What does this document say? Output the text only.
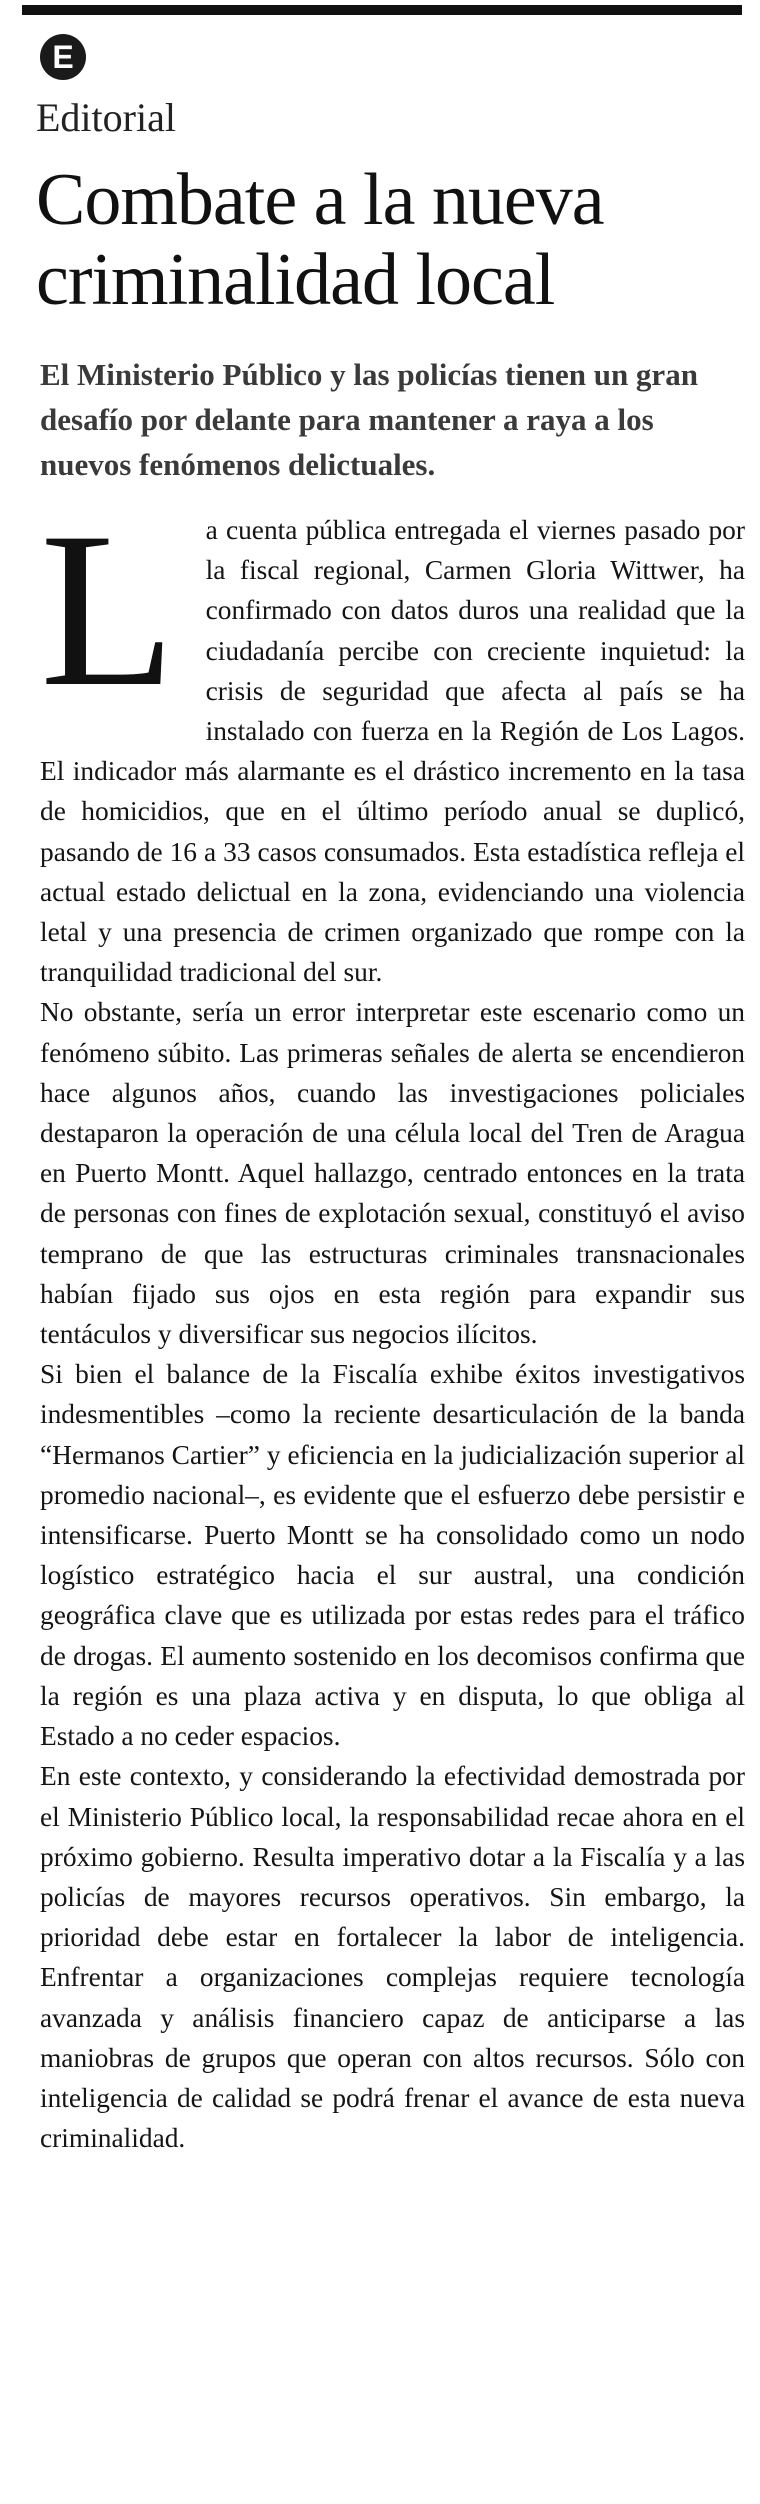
E
Editorial
Combate a la nueva criminalidad local

El Ministerio Público y las policías tienen un gran desafío por delante para mantener a raya a los nuevos fenómenos delictuales.

L a cuenta pública entregada el viernes pasado por la fiscal regional, Carmen Gloria Wittwer, ha confirmado con datos duros una realidad que la ciudadanía percibe con creciente inquietud: la crisis de seguridad que afecta al país se ha instalado con fuerza en la Región de Los Lagos. El indicador más alarmante es el drástico incremento en la tasa de homicidios, que en el último período anual se duplicó, pasando de 16 a 33 casos consumados. Esta estadística refleja el actual estado delictual en la zona, evidenciando una violencia letal y una presencia de crimen organizado que rompe con la tranquilidad tradicional del sur.

No obstante, sería un error interpretar este escenario como un fenómeno súbito. Las primeras señales de alerta se encendieron hace algunos años, cuando las investigaciones policiales destaparon la operación de una célula local del Tren de Aragua en Puerto Montt. Aquel hallazgo, centrado entonces en la trata de personas con fines de explotación sexual, constituyó el aviso temprano de que las estructuras criminales transnacionales habían fijado sus ojos en esta región para expandir sus tentáculos y diversificar sus negocios ilícitos.

Si bien el balance de la Fiscalía exhibe éxitos investigativos indesmentibles –como la reciente desarticulación de la banda “Hermanos Cartier” y eficiencia en la judicialización superior al promedio nacional–, es evidente que el esfuerzo debe persistir e intensificarse. Puerto Montt se ha consolidado como un nodo logístico estratégico hacia el sur austral, una condición geográfica clave que es utilizada por estas redes para el tráfico de drogas. El aumento sostenido en los decomisos confirma que la región es una plaza activa y en disputa, lo que obliga al Estado a no ceder espacios.

En este contexto, y considerando la efectividad demostrada por el Ministerio Público local, la responsabilidad recae ahora en el próximo gobierno. Resulta imperativo dotar a la Fiscalía y a las policías de mayores recursos operativos. Sin embargo, la prioridad debe estar en fortalecer la labor de inteligencia. Enfrentar a organizaciones complejas requiere tecnología avanzada y análisis financiero capaz de anticiparse a las maniobras de grupos que operan con altos recursos. Sólo con inteligencia de calidad se podrá frenar el avance de esta nueva criminalidad.
